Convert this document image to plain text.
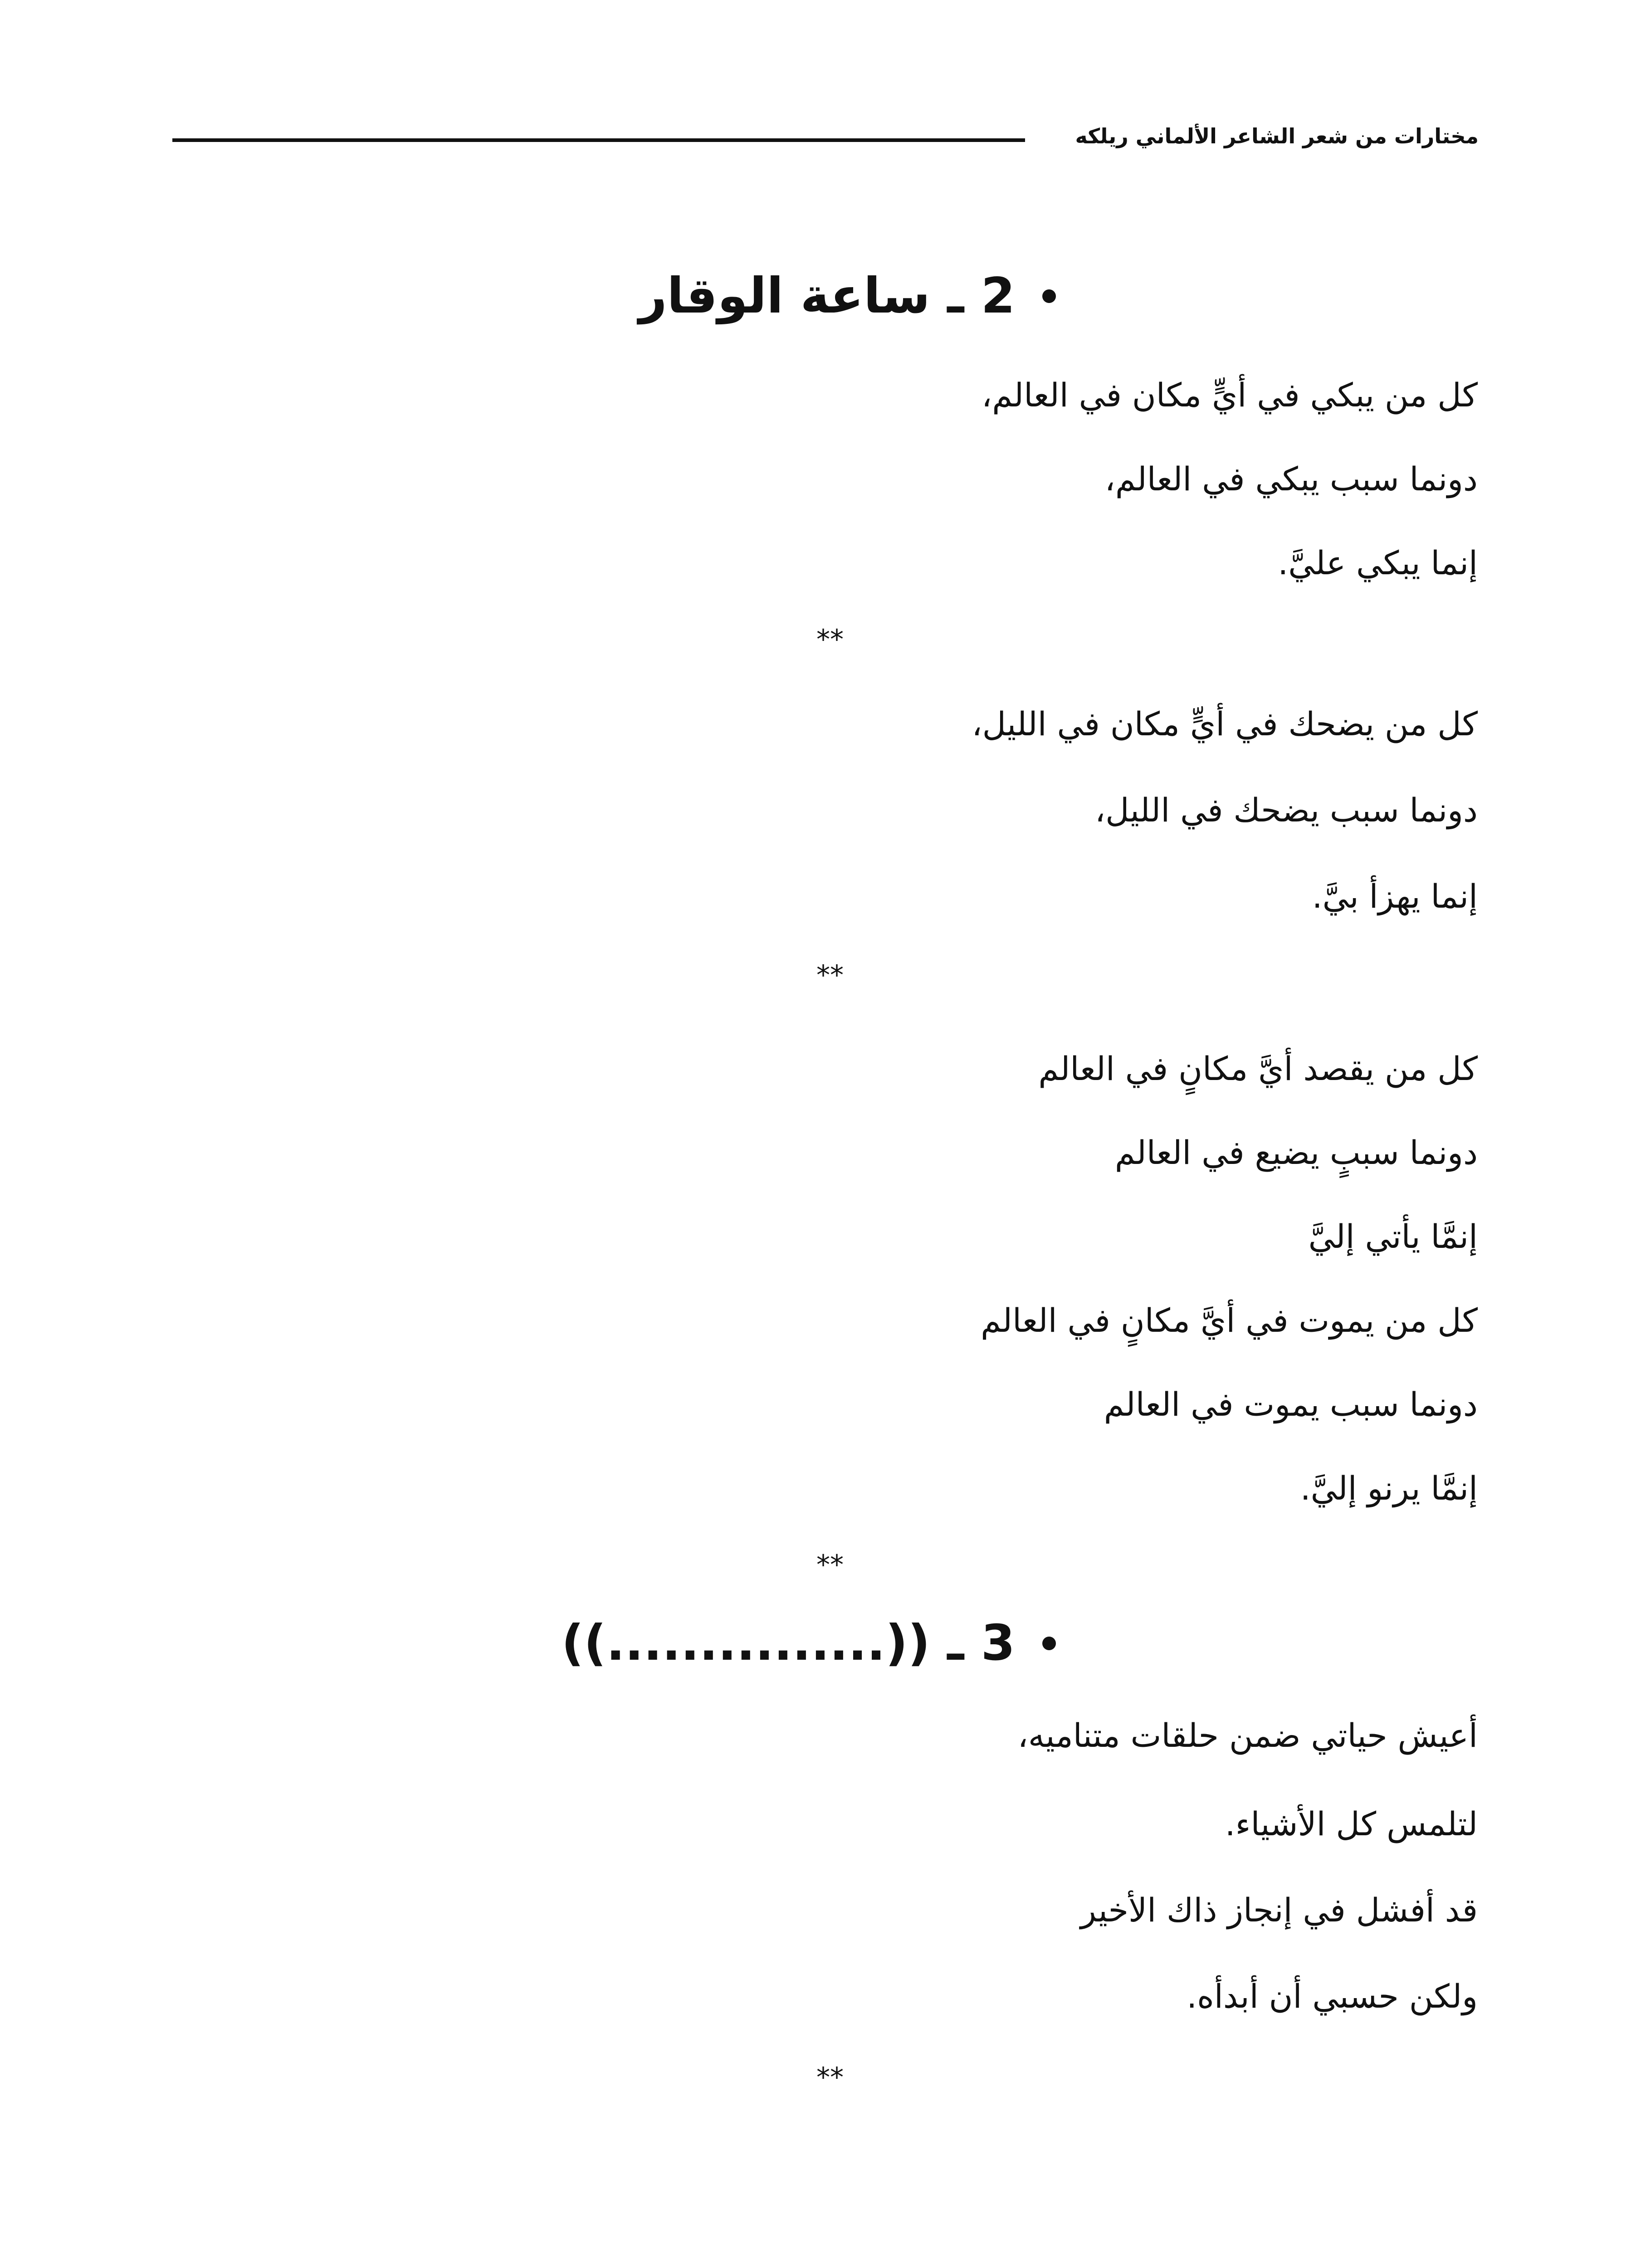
مختارات من شعر الشاعر الألماني ريلكه
2 ـ ساعة الوقار
كل من يبكي في أيٍّ مكان في العالم،
دونما سبب يبكي في العالم،
إنما يبكي عليَّ.
**
كل من يضحك في أيٍّ مكان في الليل،
دونما سبب يضحك في الليل،
إنما يهزأ بيَّ.
**
كل من يقصد أيَّ مكانٍ في العالم
دونما سببٍ يضيع في العالم
إنمَّا يأتي إليَّ
كل من يموت في أيَّ مكانٍ في العالم
دونما سبب يموت في العالم
إنمَّا يرنو إليَّ.
**
3 ـ ((...............))
أعيش حياتي ضمن حلقات متناميه،
لتلمس كل الأشياء.
قد أفشل في إنجاز ذاك الأخير
ولكن حسبي أن أبدأه.
**
